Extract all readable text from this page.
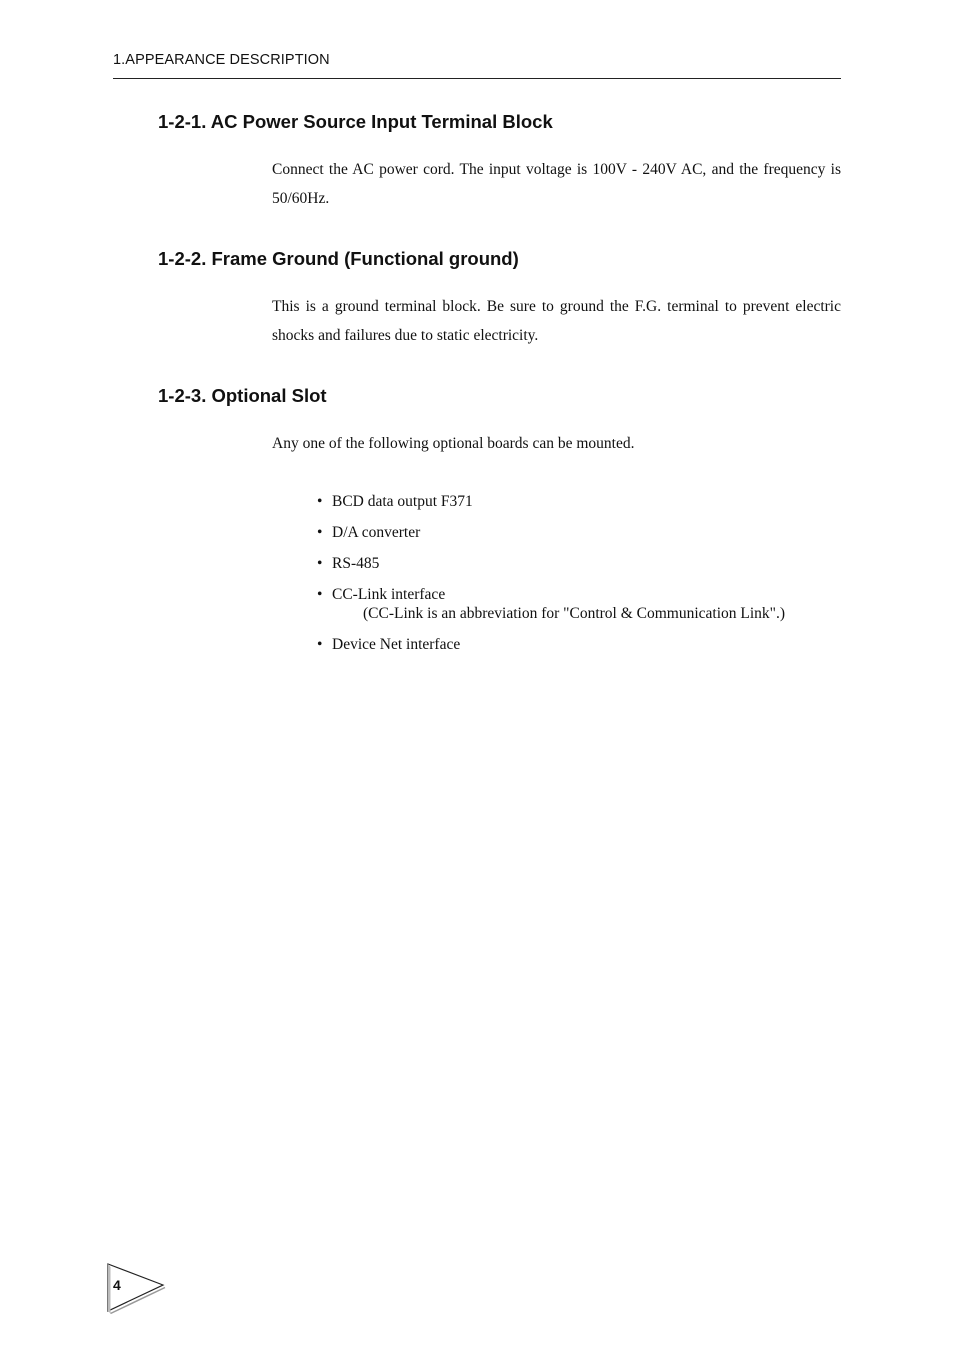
1.APPEARANCE DESCRIPTION
1-2-1. AC Power Source Input Terminal Block

Connect the AC power cord. The input voltage is 100V - 240V AC, and the frequency is 50/60Hz.

1-2-2. Frame Ground (Functional ground)

This is a ground terminal block. Be sure to ground the F.G. terminal to prevent electric shocks and failures due to static electricity.

1-2-3. Optional Slot

Any one of the following optional boards can be mounted.

• BCD data output F371
• D/A converter
• RS-485
• CC-Link interface
(CC-Link is an abbreviation for "Control & Communication Link".)
• Device Net interface
4
